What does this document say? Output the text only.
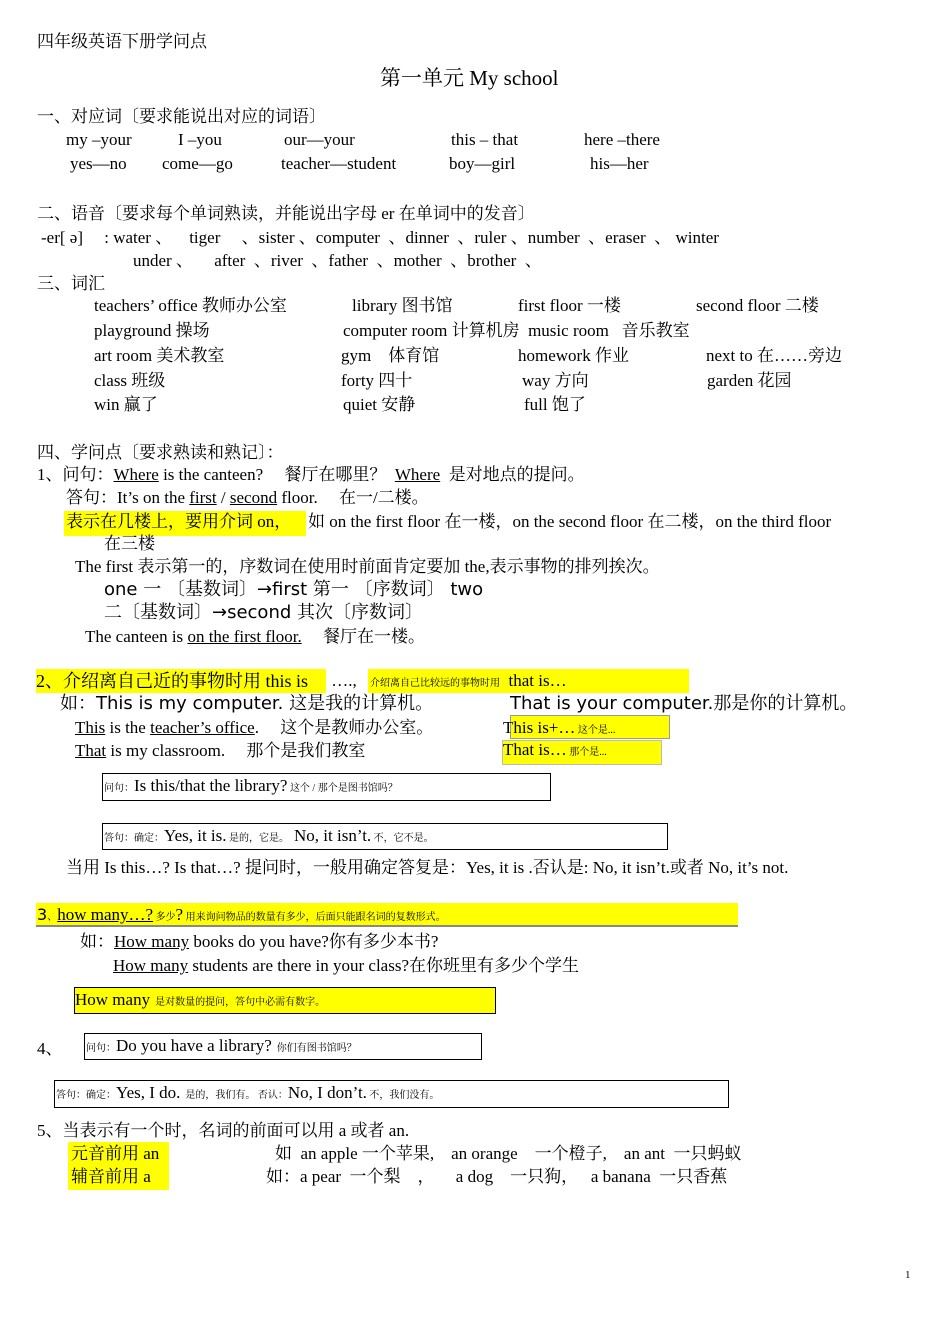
四年级英语下册学问点
第一单元 My school
一、对应词〔要求能说出对应的词语〕
my –your	I –you	our—your	this – that	here –there
yes—no come—go	teacher—student	boy—girl	his—her
二、语音〔要求每个单词熟读，并能说出字母 er 在单词中的发音〕
-er[ ə]     : water 、    tiger     、sister 、computer  、dinner  、ruler 、number  、eraser  、 winter
under 、     after  、river  、father  、mother  、brother  、
三、词汇
teachers’ office 教师办公室	library 图书馆	first floor 一楼	second floor 二楼
playground 操场	computer room 计算机房  music room   音乐教室
art room 美术教室	gym    体育馆	homework 作业	next to 在……旁边
class 班级	forty 四十	way 方向	garden 花园
win 赢了	quiet 安静	full 饱了
四、学问点〔要求熟读和熟记〕：
1、问句：Where is the canteen?     餐厅在哪里？  Where  是对地点的提问。
答句：It’s on the first / second floor.     在一/二楼。
表示在几楼上，要用介词 on， 如 on the first floor 在一楼，on the second floor 在二楼，on the third floor
在三楼
The first 表示第一的，序数词在使用时前面肯定要加 the,表示事物的排列挨次。
one 一 〔基数词〕→first 第一 〔序数词〕 two
二〔基数词〕→second 其次〔序数词〕
The canteen is on the first floor.     餐厅在一楼。
2、介绍离自己近的事物时用 this is …., 介绍离自己比较远的事物时用  that is…
如：This is my computer. 这是我的计算机。	That is your computer.那是你的计算机。
This is the teacher’s office.     这个是教师办公室。
That is my classroom.     那个是我们教室
This is+… 这个是...
That is… 那个是...
问句：Is this/that the library? 这个 / 那个是图书馆吗？
答句：确定：Yes, it is. 是的，它是。  No, it isn’t. 不，它不是。
当用 Is this…? Is that…? 提问时，一般用确定答复是：Yes, it is .否认是: No, it isn’t.或者 No, it’s not.
3、how many…? 多少? 用来询问物品的数量有多少，后面只能跟名词的复数形式。
如：How many books do you have?你有多少本书?
How many students are there in your class?在你班里有多少个学生
How many  是对数量的提问，答句中必需有数字。
4、 问句：Do you have a library?  你们有图书馆吗？
答句：确定：Yes, I do.  是的，我们有。 否认：No, I don’t. 不，我们没有。
5、当表示有一个时，名词的前面可以用 a 或者 an.
元音前用 an	如  an apple 一个苹果,    an orange    一个橙子,    an ant  一只蚂蚁
辅音前用 a	如：a pear  一个梨    ，     a dog    一只狗，   a banana  一只香蕉
1
